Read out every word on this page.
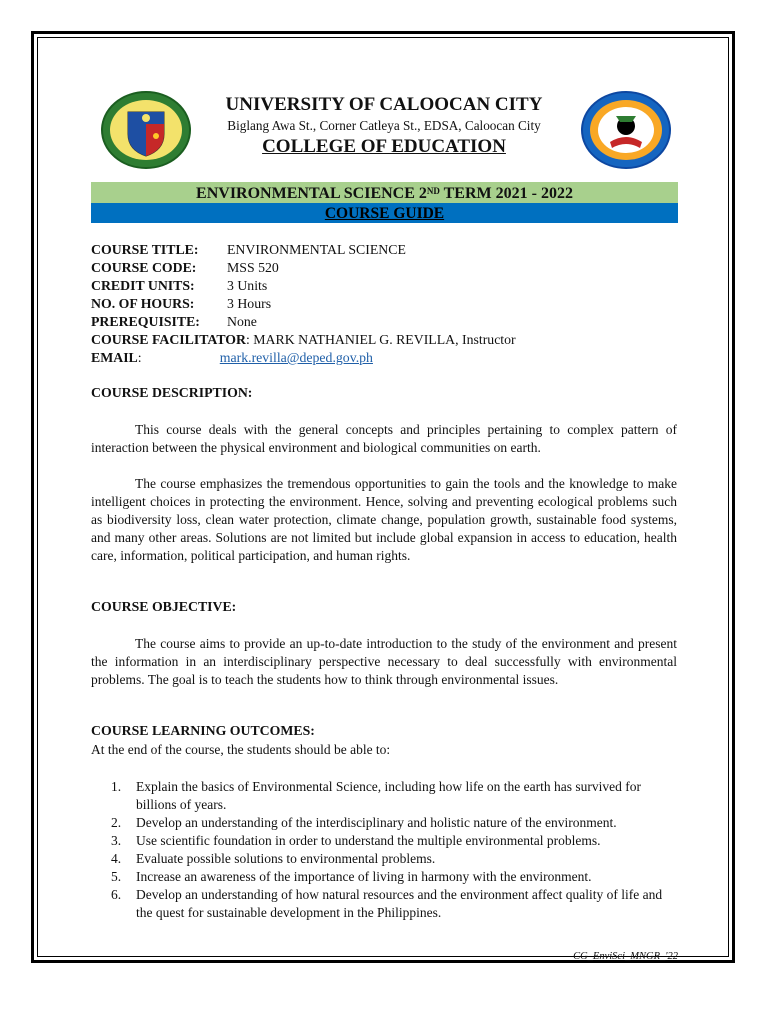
UNIVERSITY OF CALOOCAN CITY
Biglang Awa St., Corner Catleya St., EDSA, Caloocan City
COLLEGE OF EDUCATION
ENVIRONMENTAL SCIENCE 2ND TERM 2021 - 2022
COURSE GUIDE
COURSE TITLE: ENVIRONMENTAL SCIENCE
COURSE CODE: MSS 520
CREDIT UNITS: 3 Units
NO. OF HOURS: 3 Hours
PREREQUISITE: None
COURSE FACILITATOR: MARK NATHANIEL G. REVILLA, Instructor
EMAIL:	mark.revilla@deped.gov.ph
COURSE DESCRIPTION:
This course deals with the general concepts and principles pertaining to complex pattern of interaction between the physical environment and biological communities on earth.
The course emphasizes the tremendous opportunities to gain the tools and the knowledge to make intelligent choices in protecting the environment. Hence, solving and preventing ecological problems such as biodiversity loss, clean water protection, climate change, population growth, sustainable food systems, and many other areas. Solutions are not limited but include global expansion in access to education, health care, information, political participation, and human rights.
COURSE OBJECTIVE:
The course aims to provide an up-to-date introduction to the study of the environment and present the information in an interdisciplinary perspective necessary to deal successfully with environmental problems. The goal is to teach the students how to think through environmental issues.
COURSE LEARNING OUTCOMES:
At the end of the course, the students should be able to:
1.	Explain the basics of Environmental Science, including how life on the earth has survived for billions of years.
2.	Develop an understanding of the interdisciplinary and holistic nature of the environment.
3.	Use scientific foundation in order to understand the multiple environmental problems.
4.	Evaluate possible solutions to environmental problems.
5.	Increase an awareness of the importance of living in harmony with the environment.
6.	Develop an understanding of how natural resources and the environment affect quality of life and the quest for sustainable development in the Philippines.
CG_EnviSci_MNGR_'22
